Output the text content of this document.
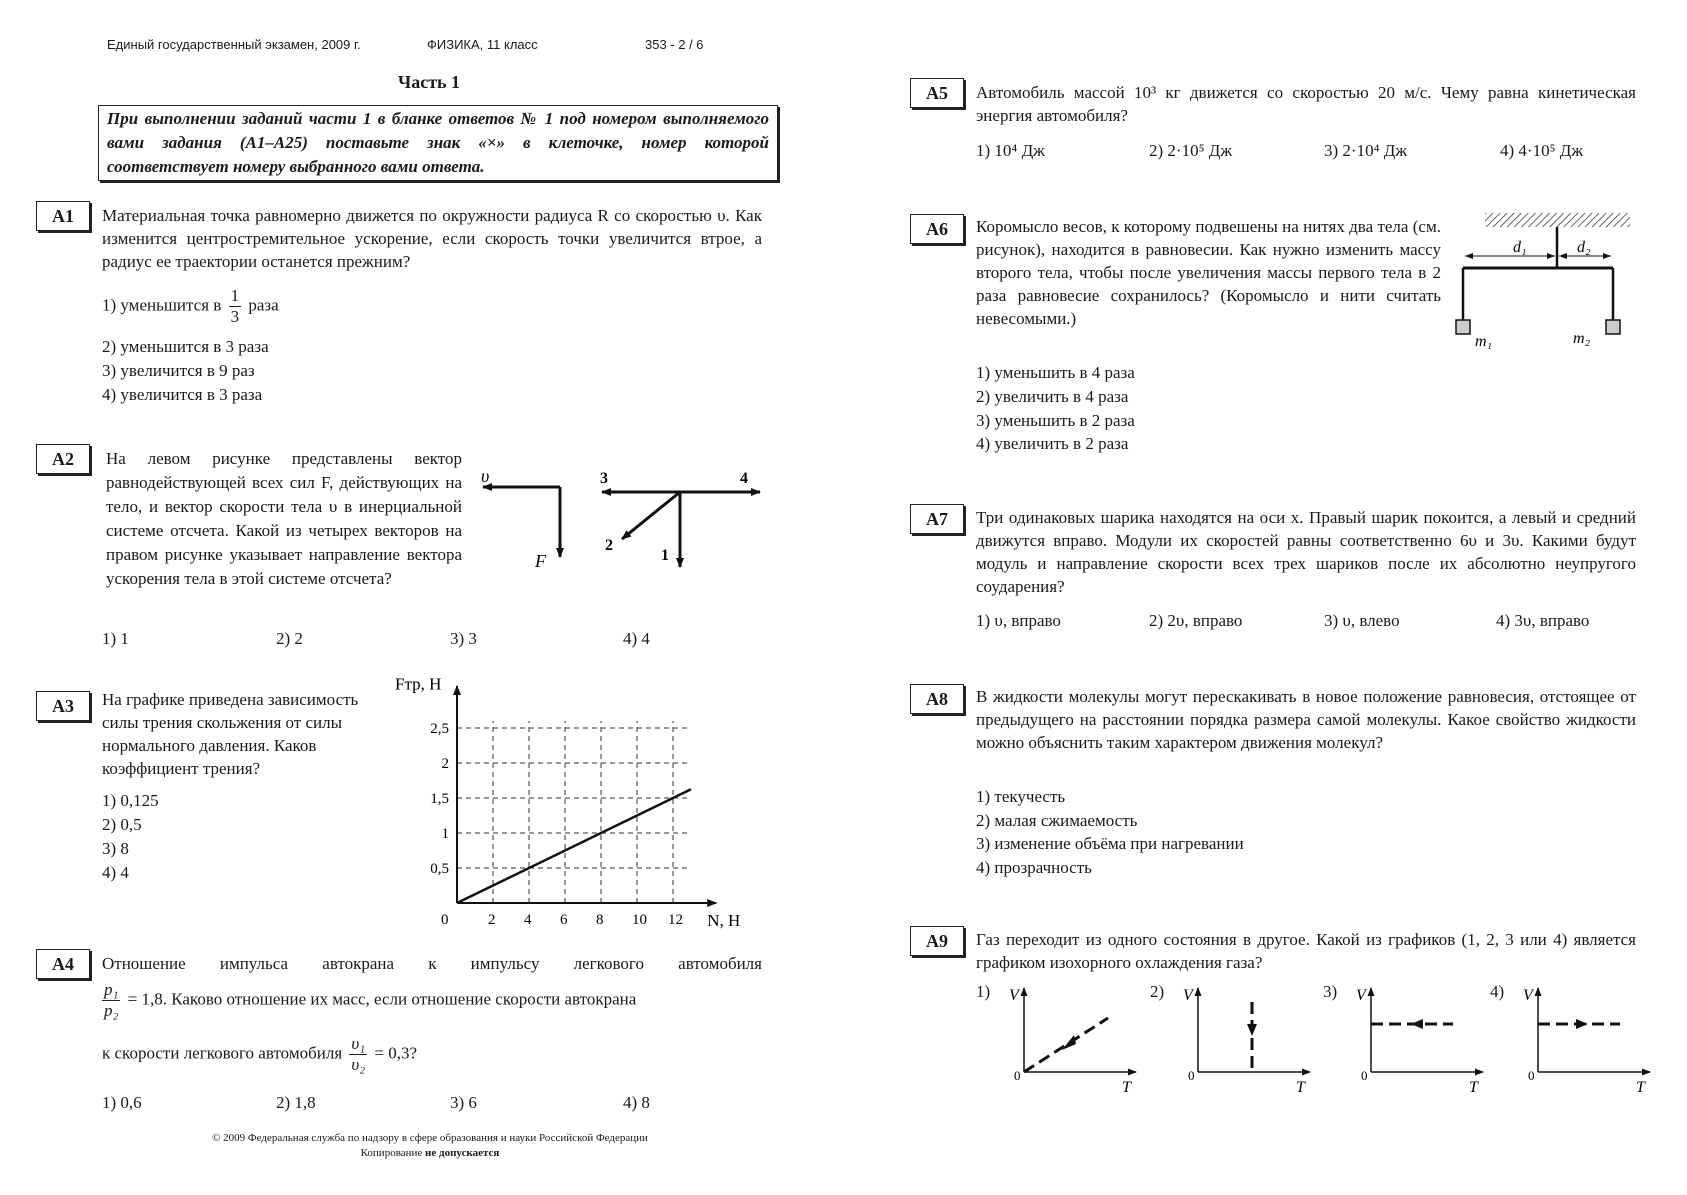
Единый государственный экзамен, 2009 г.	ФИЗИКА, 11 класс	353 - 2 / 6
Часть 1
При выполнении заданий части 1 в бланке ответов № 1 под номером выполняемого вами задания (A1–A25) поставьте знак «×» в клеточке, номер которой соответствует номеру выбранного вами ответа.
A1	Материальная точка равномерно движется по окружности радиуса R со скоростью υ. Как изменится центростремительное ускорение, если скорость точки увеличится втрое, а радиус ее траектории останется прежним?
1) уменьшится в $\frac{1}{3}$ раза
2) уменьшится в 3 раза
3) увеличится в 9 раз
4) увеличится в 3 раза
A2	На левом рисунке представлены вектор равнодействующей всех сил F, действующих на тело, и вектор скорости тела υ в инерциальной системе отсчета. Какой из четырех векторов на правом рисунке указывает направление вектора ускорения тела в этой системе отсчета?
υ
F
3	4
2
1
1) 1	2) 2	3) 3	4) 4
A3	На графике приведена зависимость силы трения скольжения от силы нормального давления. Каков коэффициент трения?
1) 0,125
2) 0,5
3) 8
4) 4
0	2 4 6 8 10 12
0,5
1
1,5
2
2,5
N, Н
Fтр, Н
A4	Отношение импульса автокрана к импульсу легкового автомобиля
$\frac{\text{p₁}}{\text{p₂}} = 1,8$. Каково отношение их масс, если отношение скорости автокрана
к скорости легкового автомобиля $\frac{\text{υ₁}}{\text{υ₂}} = 0,3$?
1) 0,6	2) 1,8	3) 6	4) 8
© 2009 Федеральная служба по надзору в сфере образования и науки Российской Федерации
Копирование не допускается
A5	Автомобиль массой 10³ кг движется со скоростью 20 м/с. Чему равна кинетическая энергия автомобиля?
1) 10⁴ Дж	2) 2·10⁵ Дж	3) 2·10⁴ Дж	4) 4·10⁵ Дж
A6	Коромысло весов, к которому подвешены на нитях два тела (см. рисунок), находится в равновесии. Как нужно изменить массу второго тела, чтобы после увеличения массы первого тела в 2 раза равновесие сохранилось? (Коромысло и нити считать невесомыми.)
d₁	d₂
m₁	m₂
1) уменьшить в 4 раза
2) увеличить в 4 раза
3) уменьшить в 2 раза
4) увеличить в 2 раза
A7	Три одинаковых шарика находятся на оси x. Правый шарик покоится, а левый и средний движутся вправо. Модули их скоростей равны соответственно 6υ и 3υ. Какими будут модуль и направление скорости всех трех шариков после их абсолютно неупругого соударения?
1) υ, вправо	2) 2υ, вправо	3) υ, влево	4) 3υ, вправо
A8	В жидкости молекулы могут перескакивать в новое положение равновесия, отстоящее от предыдущего на расстоянии порядка размера самой молекулы. Какое свойство жидкости можно объяснить таким характером движения молекул?
1) текучесть
2) малая сжимаемость
3) изменение объёма при нагревании
4) прозрачность
A9	Газ переходит из одного состояния в другое. Какой из графиков (1, 2, 3 или 4) является графиком изохорного охлаждения газа?
1) V
T
0
2) V
T
0
3) V
T
0
4) V
T
0
